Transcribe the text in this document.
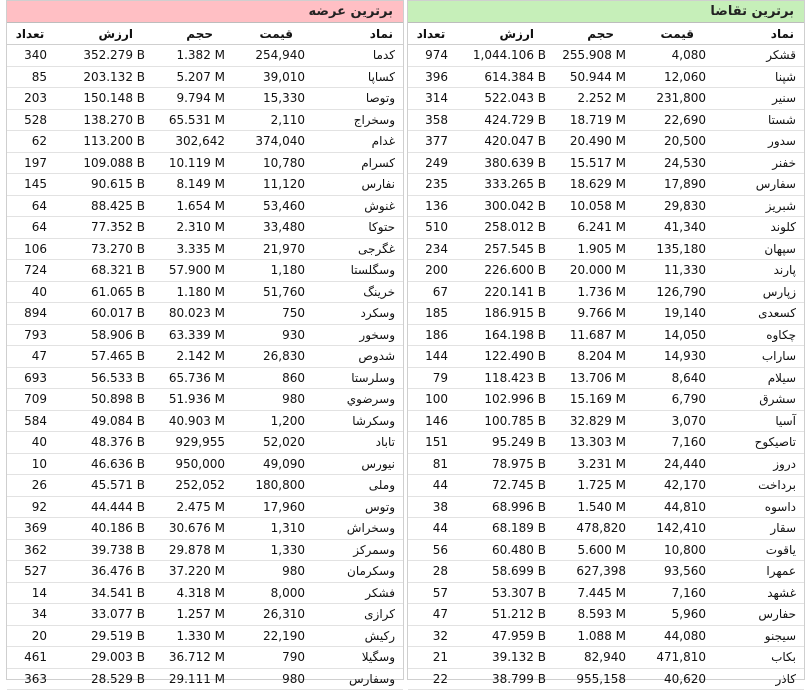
برترین عرضه
تعداد	ارزش	حجم	قیمت	نماد
340	352.279 B	1.382 M	254,940	کدما
85	203.132 B	5.207 M	39,010	کساپا
203	150.148 B	9.794 M	15,330	وتوصا
528	138.270 B	65.531 M	2,110	وسخراج
62	113.200 B	302,642	374,040	غدام
197	109.088 B	10.119 M	10,780	کسرام
145	90.615 B	8.149 M	11,120	نفارس
64	88.425 B	1.654 M	53,460	غنوش
64	77.352 B	2.310 M	33,480	حتوکا
106	73.270 B	3.335 M	21,970	غگرجی
724	68.321 B	57.900 M	1,180	وسگلستا
40	61.065 B	1.180 M	51,760	خرینگ
894	60.017 B	80.023 M	750	وسکرد
793	58.906 B	63.339 M	930	وسخور
47	57.465 B	2.142 M	26,830	شدوص
693	56.533 B	65.736 M	860	وسلرستا
709	50.898 B	51.936 M	980	وسرضوي
584	49.084 B	40.903 M	1,200	وسکرشا
40	48.376 B	929,955	52,020	تاباد
10	46.636 B	950,000	49,090	نیورس
26	45.571 B	252,052	180,800	وملی
92	44.444 B	2.475 M	17,960	وتوس
369	40.186 B	30.676 M	1,310	وسخراش
362	39.738 B	29.878 M	1,330	وسمرکز
527	36.476 B	37.220 M	980	وسکرمان
14	34.541 B	4.318 M	8,000	فشکر
34	33.077 B	1.257 M	26,310	کرازی
20	29.519 B	1.330 M	22,190	رکیش
461	29.003 B	36.712 M	790	وسگیلا
363	28.529 B	29.111 M	980	وسفارس
برترین تقاضا
تعداد	ارزش	حجم	قیمت	نماد
974	1,044.106 B	255.908 M	4,080	قشکر
396	614.384 B	50.944 M	12,060	شپنا
314	522.043 B	2.252 M	231,800	سنیر
358	424.729 B	18.719 M	22,690	شستا
377	420.047 B	20.490 M	20,500	سدور
249	380.639 B	15.517 M	24,530	خفنر
235	333.265 B	18.629 M	17,890	سفارس
136	300.042 B	10.058 M	29,830	شبریز
510	258.012 B	6.241 M	41,340	کلوند
234	257.545 B	1.905 M	135,180	سپهان
200	226.600 B	20.000 M	11,330	پارند
67	220.141 B	1.736 M	126,790	زپارس
185	186.915 B	9.766 M	19,140	کسعدی
186	164.198 B	11.687 M	14,050	چکاوه
144	122.490 B	8.204 M	14,930	ساراب
79	118.423 B	13.706 M	8,640	سیلام
100	102.996 B	15.169 M	6,790	سشرق
146	100.785 B	32.829 M	3,070	آسیا
151	95.249 B	13.303 M	7,160	تاصیکوح
81	78.975 B	3.231 M	24,440	دروز
44	72.745 B	1.725 M	42,170	برداخت
38	68.996 B	1.540 M	44,810	داسوه
44	68.189 B	478,820	142,410	سقار
56	60.480 B	5.600 M	10,800	یاقوت
28	58.699 B	627,398	93,560	عمهرا
57	53.307 B	7.445 M	7,160	غشهد
47	51.212 B	8.593 M	5,960	حفارس
32	47.959 B	1.088 M	44,080	سیجنو
21	39.132 B	82,940	471,810	بکاب
22	38.799 B	955,158	40,620	کاذر
